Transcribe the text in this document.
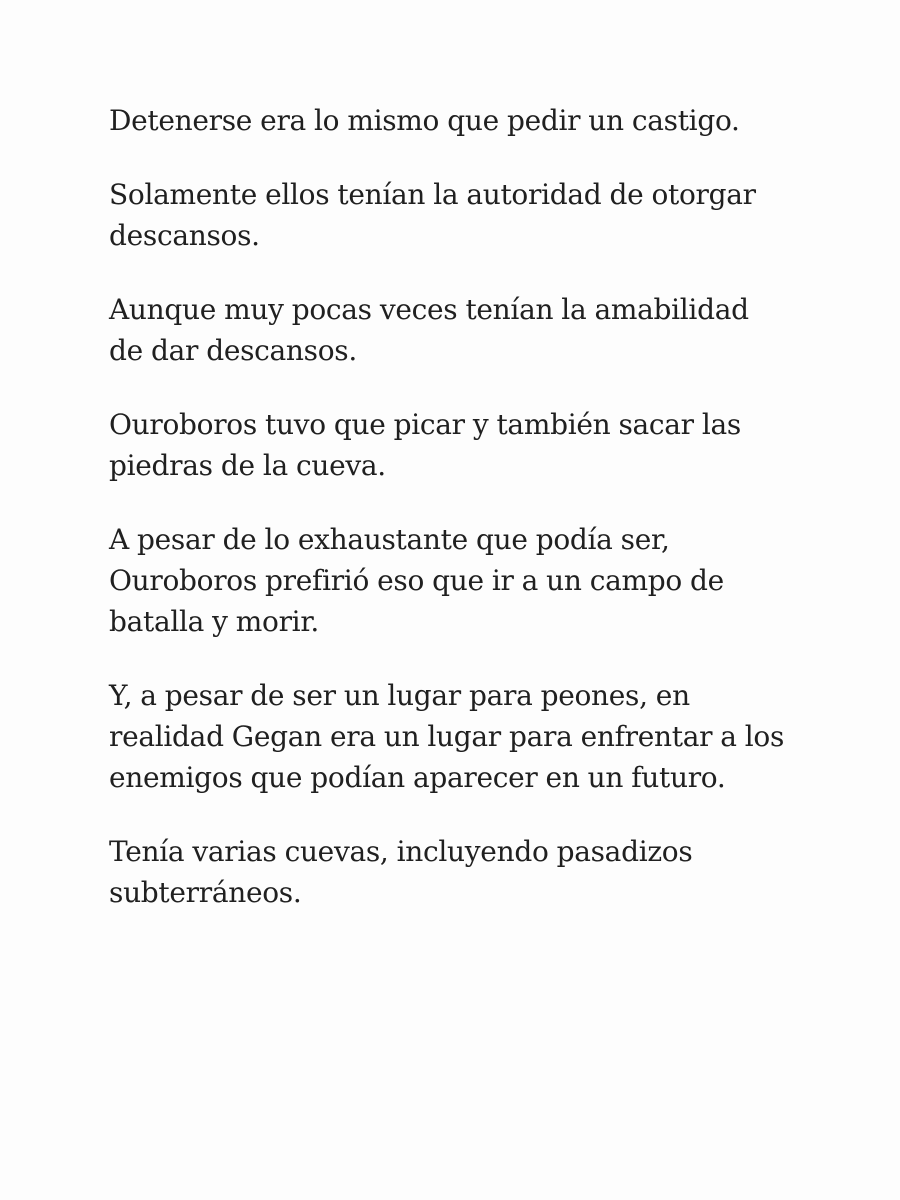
Detenerse era lo mismo que pedir un castigo.

Solamente ellos tenían la autoridad de otorgar
descansos.

Aunque muy pocas veces tenían la amabilidad
de dar descansos.

Ouroboros tuvo que picar y también sacar las
piedras de la cueva.

A pesar de lo exhaustante que podía ser,
Ouroboros prefirió eso que ir a un campo de
batalla y morir.

Y, a pesar de ser un lugar para peones, en
realidad Gegan era un lugar para enfrentar a los
enemigos que podían aparecer en un futuro.

Tenía varias cuevas, incluyendo pasadizos
subterráneos.
